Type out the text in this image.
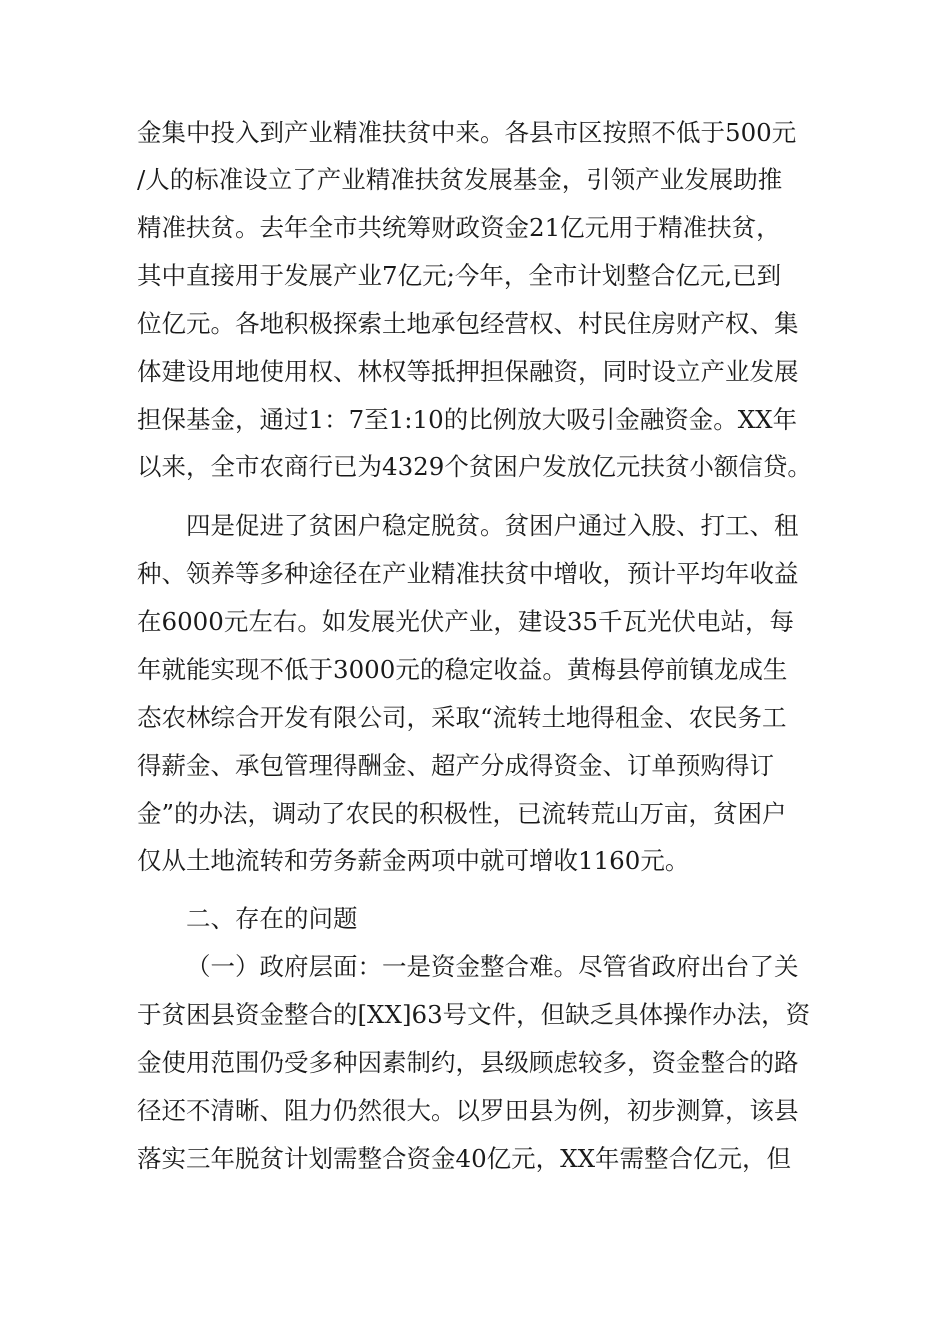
金集中投入到产业精准扶贫中来。各县市区按照不低于500元
/人的标准设立了产业精准扶贫发展基金，引领产业发展助推
精准扶贫。去年全市共统筹财政资金21亿元用于精准扶贫，
其中直接用于发展产业7亿元;今年，全市计划整合亿元,已到
位亿元。各地积极探索土地承包经营权、村民住房财产权、集
体建设用地使用权、林权等抵押担保融资，同时设立产业发展
担保基金，通过1：7至1:10的比例放大吸引金融资金。XX年
以来，全市农商行已为4329个贫困户发放亿元扶贫小额信贷。
四是促进了贫困户稳定脱贫。贫困户通过入股、打工、租
种、领养等多种途径在产业精准扶贫中增收，预计平均年收益
在6000元左右。如发展光伏产业，建设35千瓦光伏电站，每
年就能实现不低于3000元的稳定收益。黄梅县停前镇龙成生
态农林综合开发有限公司，采取“流转土地得租金、农民务工
得薪金、承包管理得酬金、超产分成得资金、订单预购得订
金”的办法，调动了农民的积极性，已流转荒山万亩，贫困户
仅从土地流转和劳务薪金两项中就可增收1160元。
二、存在的问题
（一）政府层面：一是资金整合难。尽管省政府出台了关
于贫困县资金整合的[XX]63号文件，但缺乏具体操作办法，资
金使用范围仍受多种因素制约，县级顾虑较多，资金整合的路
径还不清晰、阻力仍然很大。以罗田县为例，初步测算，该县
落实三年脱贫计划需整合资金40亿元，XX年需整合亿元，但
